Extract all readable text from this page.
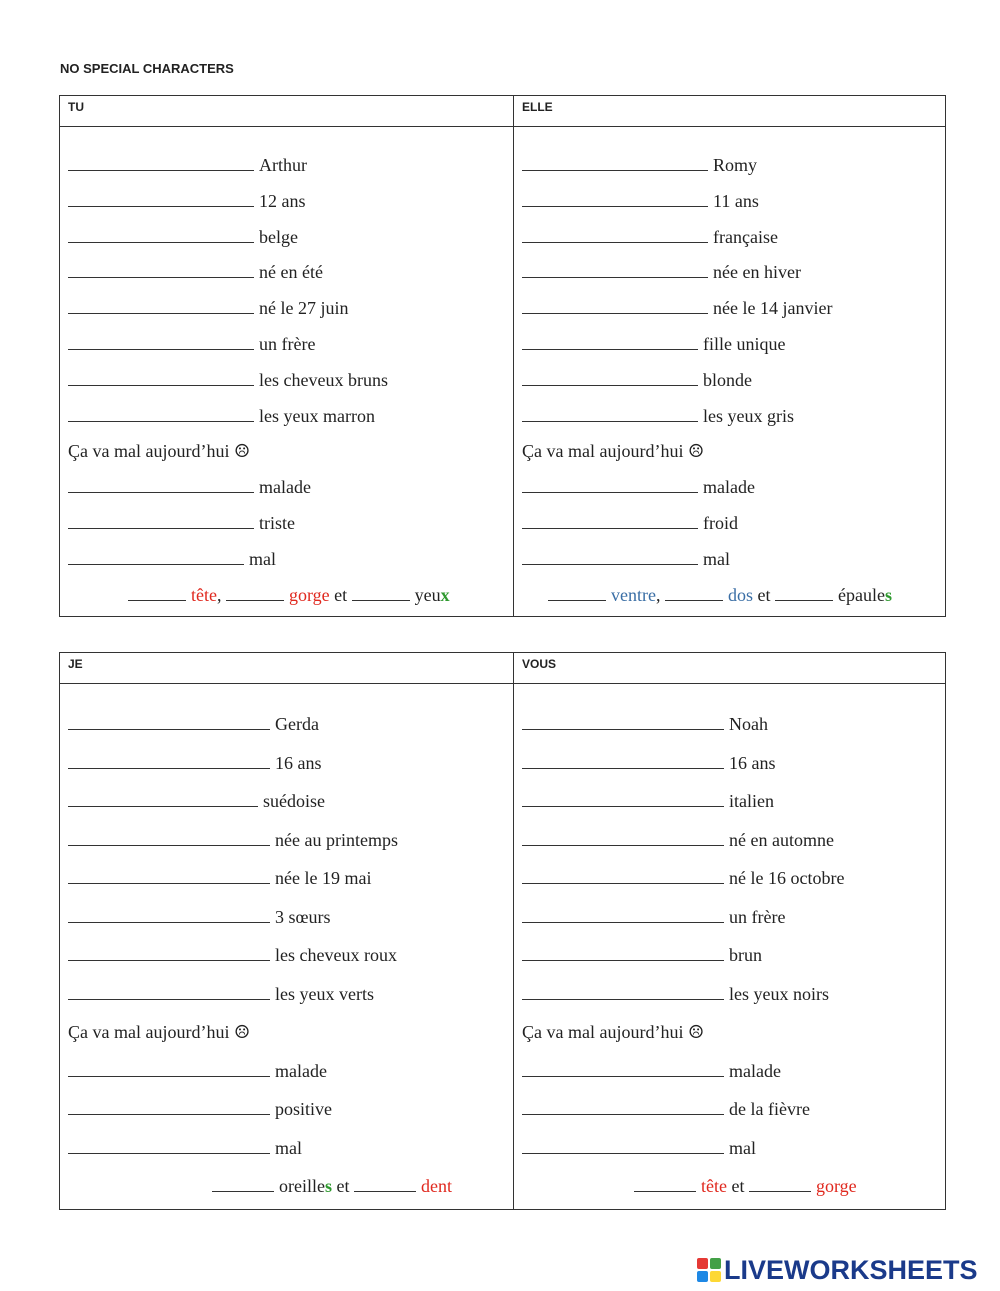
NO SPECIAL CHARACTERS
TU	ELLE
Arthur
12 ans
belge
né en été
né le 27 juin
un frère
les cheveux bruns
les yeux marron
Ça va mal aujourd’hui ☹
malade
triste
mal
tête,	gorge et	yeux
Romy
11 ans
française
née en hiver
née le 14 janvier
fille unique
blonde
les yeux gris
Ça va mal aujourd’hui ☹
malade
froid
mal
ventre,	dos et	épaules
JE	VOUS
Gerda
16 ans
suédoise
née au printemps
née le 19 mai
3 sœurs
les cheveux roux
les yeux verts
Ça va mal aujourd’hui ☹
malade
positive
mal
oreilles et	dent
Noah
16 ans
italien
né en automne
né le 16 octobre
un frère
brun
les yeux noirs
Ça va mal aujourd’hui ☹
malade
de la fièvre
mal
tête et	gorge
LIVEWORKSHEETS
